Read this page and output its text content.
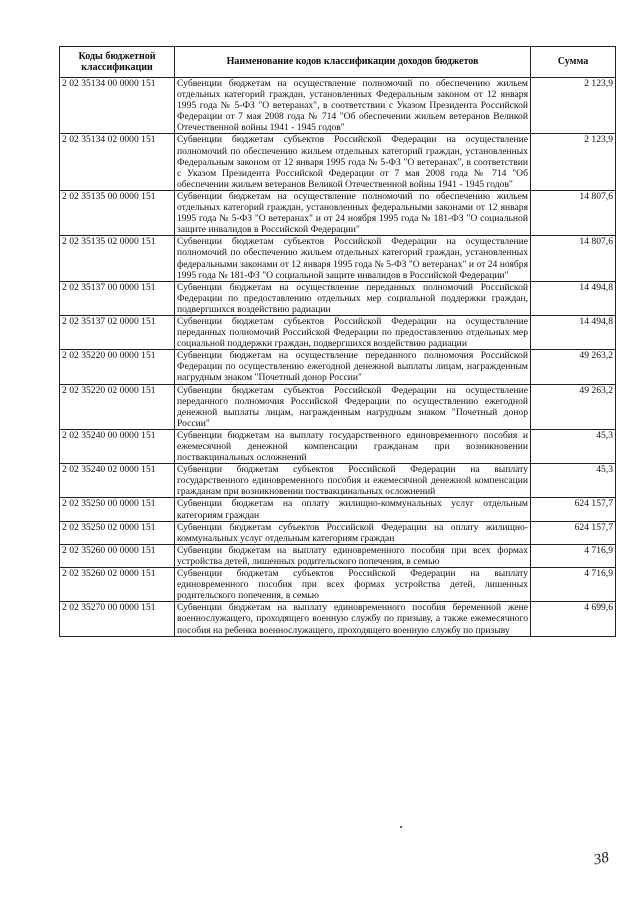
Коды бюджетной классификации	Наименование кодов классификации доходов бюджетов	Сумма
2 02 35134 00 0000 151	Субвенции бюджетам на осуществление полномочий по обеспечению жильем отдельных категорий граждан, установленных Федеральным законом от 12 января 1995 года № 5-ФЗ "О ветеранах", в соответствии с Указом Президента Российской Федерации от 7 мая 2008 года № 714 "Об обеспечении жильем ветеранов Великой Отечественной войны 1941 - 1945 годов"	2 123,9
2 02 35134 02 0000 151	Субвенции бюджетам субъектов Российской Федерации на осуществление полномочий по обеспечению жильем отдельных категорий граждан, установленных Федеральным законом от 12 января 1995 года № 5-ФЗ "О ветеранах", в соответствии с Указом Президента Российской Федерации от 7 мая 2008 года № 714 "Об обеспечении жильем ветеранов Великой Отечественной войны 1941 - 1945 годов"	2 123,9
2 02 35135 00 0000 151	Субвенции бюджетам на осуществление полномочий по обеспечению жильем отдельных категорий граждан, установленных федеральными законами от 12 января 1995 года № 5-ФЗ "О ветеранах" и от 24 ноября 1995 года № 181-ФЗ "О социальной защите инвалидов в Российской Федерации"	14 807,6
2 02 35135 02 0000 151	Субвенции бюджетам субъектов Российской Федерации на осуществление полномочий по обеспечению жильем отдельных категорий граждан, установленных федеральными законами от 12 января 1995 года № 5-ФЗ "О ветеранах" и от 24 ноября 1995 года № 181-ФЗ "О социальной защите инвалидов в Российской Федерации"	14 807,6
2 02 35137 00 0000 151	Субвенции бюджетам на осуществление переданных полномочий Российской Федерации по предоставлению отдельных мер социальной поддержки граждан, подвергшихся воздействию радиации	14 494,8
2 02 35137 02 0000 151	Субвенции бюджетам субъектов Российской Федерации на осуществление переданных полномочий Российской Федерации по предоставлению отдельных мер социальной поддержки граждан, подвергшихся воздействию радиации	14 494,8
2 02 35220 00 0000 151	Субвенции бюджетам на осуществление переданного полномочия Российской Федерации по осуществлению ежегодной денежной выплаты лицам, награжденным нагрудным знаком "Почетный донор России"	49 263,2
2 02 35220 02 0000 151	Субвенции бюджетам субъектов Российской Федерации на осуществление переданного полномочия Российской Федерации по осуществлению ежегодной денежной выплаты лицам, награжденным нагрудным знаком "Почетный донор России"	49 263,2
2 02 35240 00 0000 151	Субвенции бюджетам на выплату государственного единовременного пособия и ежемесячной денежной компенсации гражданам при возникновении поствакцинальных осложнений	45,3
2 02 35240 02 0000 151	Субвенции бюджетам субъектов Российской Федерации на выплату государственного единовременного пособия и ежемесячной денежной компенсации гражданам при возникновении поствакцинальных осложнений	45,3
2 02 35250 00 0000 151	Субвенции бюджетам на оплату жилищно-коммунальных услуг отдельным категориям граждан	624 157,7
2 02 35250 02 0000 151	Субвенции бюджетам субъектов Российской Федерации на оплату жилищно-коммунальных услуг отдельным категориям граждан	624 157,7
2 02 35260 00 0000 151	Субвенции бюджетам на выплату единовременного пособия при всех формах устройства детей, лишенных родительского попечения, в семью	4 716,9
2 02 35260 02 0000 151	Субвенции бюджетам субъектов Российской Федерации на выплату единовременного пособия при всех формах устройства детей, лишенных родительского попечения, в семью	4 716,9
2 02 35270 00 0000 151	Субвенции бюджетам на выплату единовременного пособия беременной жене военнослужащего, проходящего военную службу по призыву, а также ежемесячного пособия на ребенка военнослужащего, проходящего военную службу по призыву	4 699,6
38
